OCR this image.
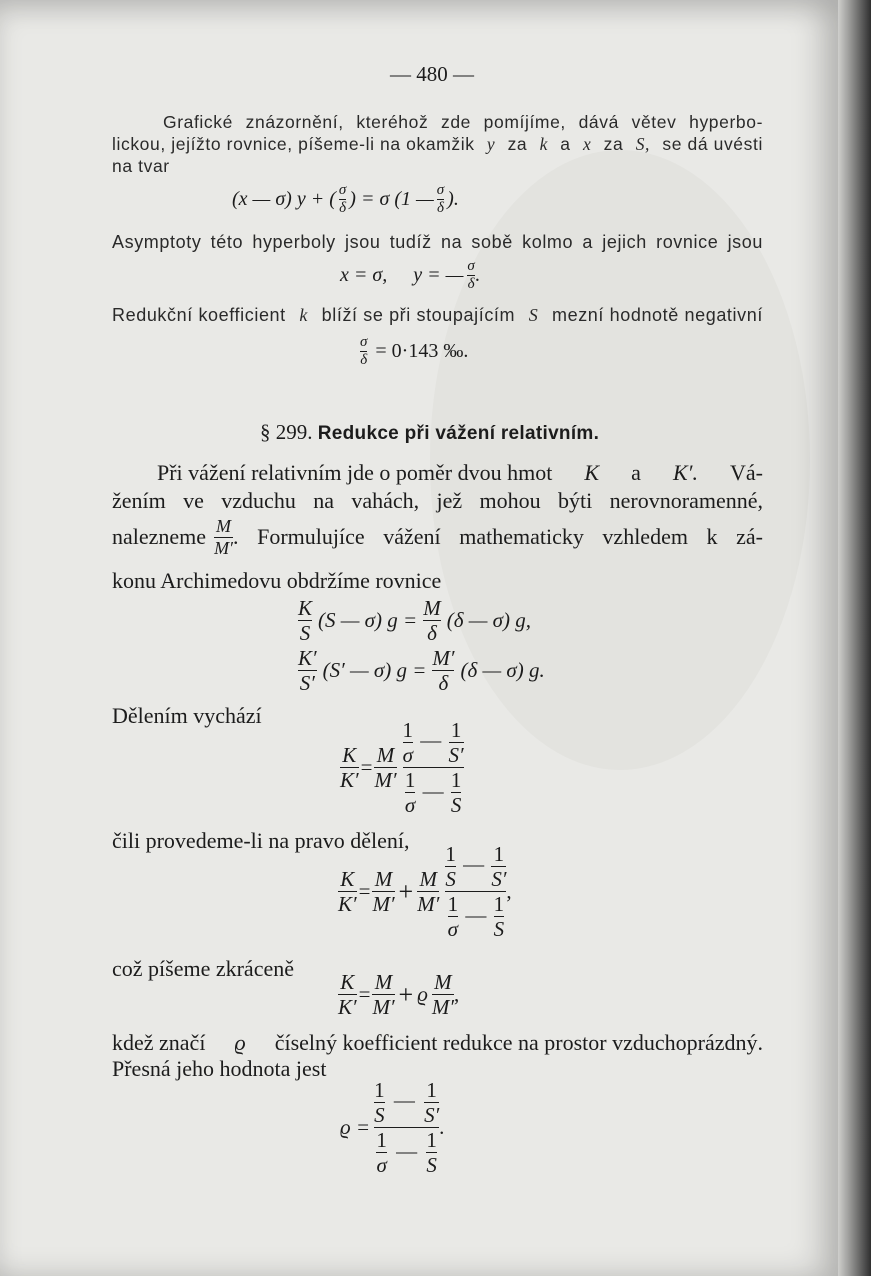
— 480 —
Grafické znázornění, kteréhož zde pomíjíme, dává větev hyperbo-
lickou, jejížto rovnice, píšeme-li na okamžik y za k a x za S, se dá uvésti
na tvar
(x — σ) y + ( $\frac{\sigma}{\delta}$ ) = σ (1 — $\frac{\sigma}{\delta}$ ).
Asymptoty této hyperboly jsou tudíž na sobě kolmo a jejich rovnice jsou
x = σ, y = — $\frac{\sigma}{\delta}$ .
Redukční koefficient k blíží se při stoupajícím S mezní hodnotě negativní
$\frac{\sigma}{\delta} = 0\cdot 143$ ‰.
§ 299. Redukce při vážení relativním.
Při vážení relativním jde o poměr dvou hmot K a K′. Vá-
žením ve vzduchu na vahách, jež mohou býti nerovnoramenné,
nalezneme $\frac{M}{M'}$ . Formulujíce vážení mathematicky vzhledem k zá-
konu Archimedovu obdržíme rovnice
$\frac{K}{S} (S$ — σ) $g = \frac{M}{\delta} (\delta$ — σ) g,
$\frac{K'}{S'} (S'$ — σ) $g = \frac{M'}{\delta} (\delta$ — σ) g.
Dělením vychází
$\frac{K}{K'} = \frac{M}{M'} \frac{\frac{1}{\sigma} — \frac{1}{S'}}{\frac{1}{\sigma} — \frac{1}{S}}$
čili provedeme-li na pravo dělení,
$\frac{K}{K'} = \frac{M}{M'} + \frac{M}{M'} \frac{\frac{1}{S} — \frac{1}{S'}}{\frac{1}{\sigma} — \frac{1}{S}}$ ,
což píšeme zkráceně
$\frac{K}{K'} = \frac{M}{M'} + ϱ \frac{M}{M'}$ ,
kdež značí ϱ číselný koefficient redukce na prostor vzduchoprázdný.
Přesná jeho hodnota jest
$ϱ = \frac{\frac{1}{S} — \frac{1}{S'}}{\frac{1}{\sigma} — \frac{1}{S}}$ .
